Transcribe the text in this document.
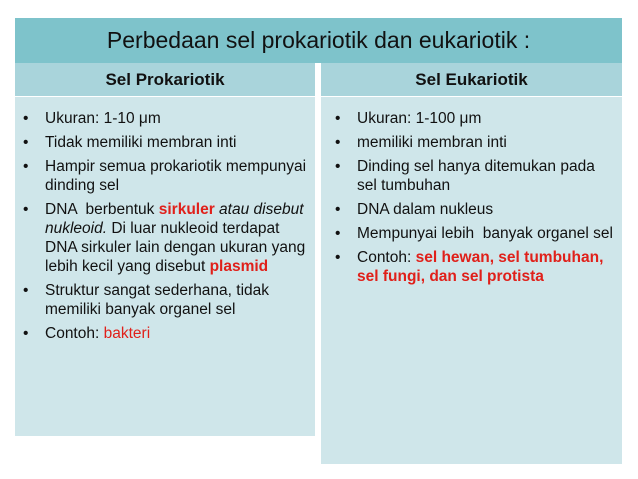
Perbedaan sel prokariotik dan eukariotik :
Sel Prokariotik	Sel Eukariotik
• Ukuran: 1-10 μm
• Tidak memiliki membran inti
• Hampir semua prokariotik mempunyai dinding sel
• DNA  berbentuk sirkuler atau disebut nukleoid. Di luar nukleoid terdapat DNA sirkuler lain dengan ukuran yang lebih kecil yang disebut plasmid
• Struktur sangat sederhana, tidak memiliki banyak organel sel
• Contoh: bakteri
• Ukuran: 1-100 μm
• memiliki membran inti
• Dinding sel hanya ditemukan pada sel tumbuhan
• DNA dalam nukleus
• Mempunyai lebih  banyak organel sel
• Contoh: sel hewan, sel tumbuhan, sel fungi, dan sel protista
